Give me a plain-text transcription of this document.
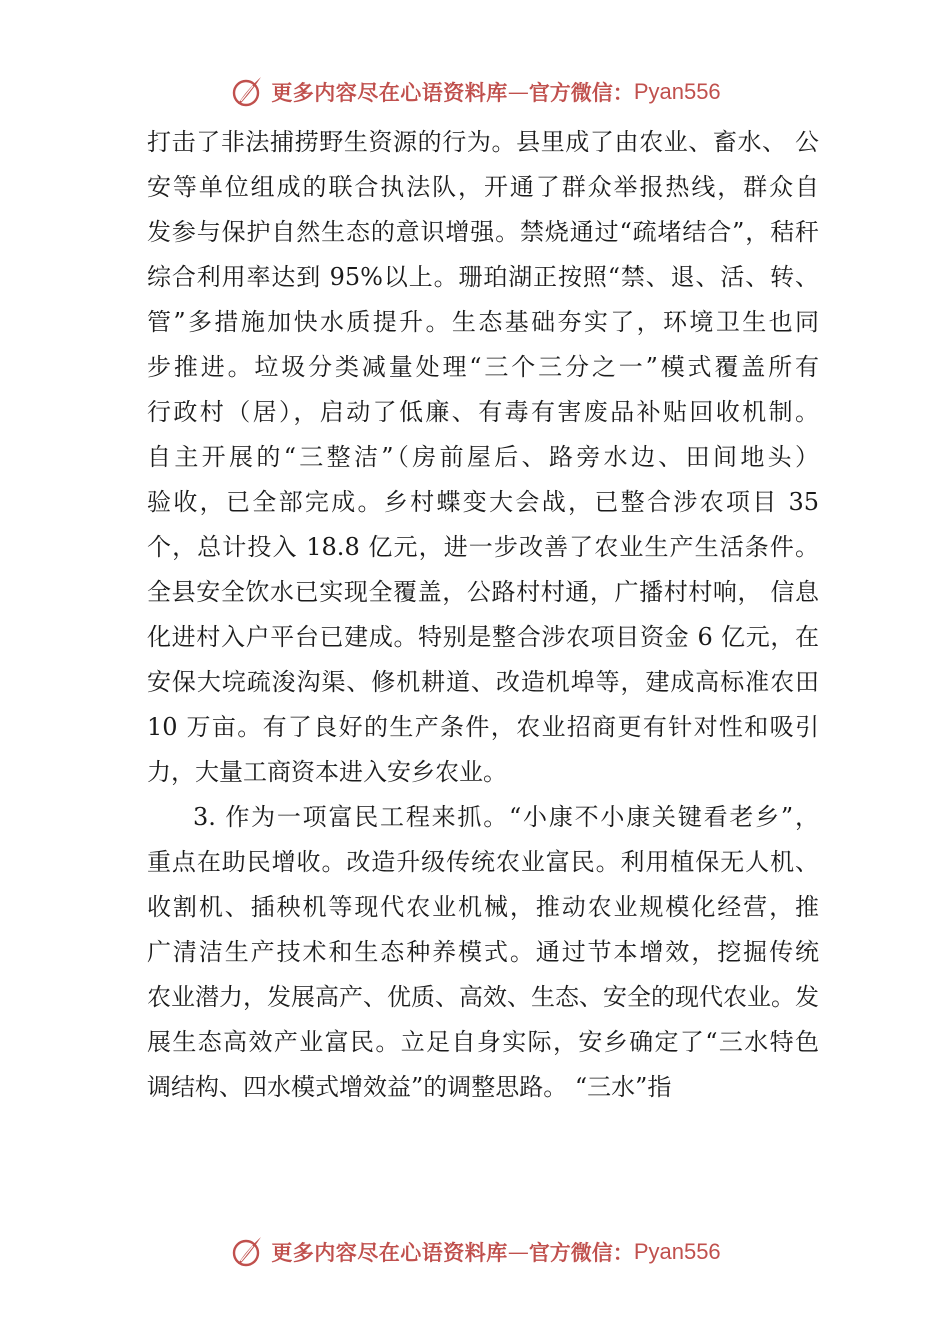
更多内容尽在心语资料库 — 官方微信： Pyan556
打击了非法捕捞野生资源的行为。县里成了由农业、畜水、 公
安等单位组成的联合执法队，开通了群众举报热线，群众自
发参与保护自然生态的意识增强。禁烧通过“疏堵结合”，秸秆
综合利用率达到 95%以上。珊珀湖正按照“禁、退、活、转、
管”多措施加快水质提升。生态基础夯实了，环境卫生也同
步推进。垃圾分类减量处理“三个三分之一”模式覆盖所有
行政村（居），启动了低廉、有毒有害废品补贴回收机制。
自主开展的“三整洁”（房前屋后、路旁水边、田间地头）
验收，已全部完成。乡村蝶变大会战，已整合涉农项目 35
个，总计投入 18.8 亿元，进一步改善了农业生产生活条件。
全县安全饮水已实现全覆盖，公路村村通，广播村村响， 信息
化进村入户平台已建成。特别是整合涉农项目资金 6 亿元，在
安保大垸疏浚沟渠、修机耕道、改造机埠等，建成高标准农田
10 万亩。有了良好的生产条件，农业招商更有针对性和吸引
力，大量工商资本进入安乡农业。
3. 作为一项富民工程来抓。“小康不小康关键看老乡”，
重点在助民增收。改造升级传统农业富民。利用植保无人机、
收割机、插秧机等现代农业机械，推动农业规模化经营，推
广清洁生产技术和生态种养模式。通过节本增效，挖掘传统
农业潜力，发展高产、优质、高效、生态、安全的现代农业。发
展生态高效产业富民。立足自身实际，安乡确定了“三水特色
调结构、四水模式增效益”的调整思路。 “三水”指
更多内容尽在心语资料库 — 官方微信： Pyan556
